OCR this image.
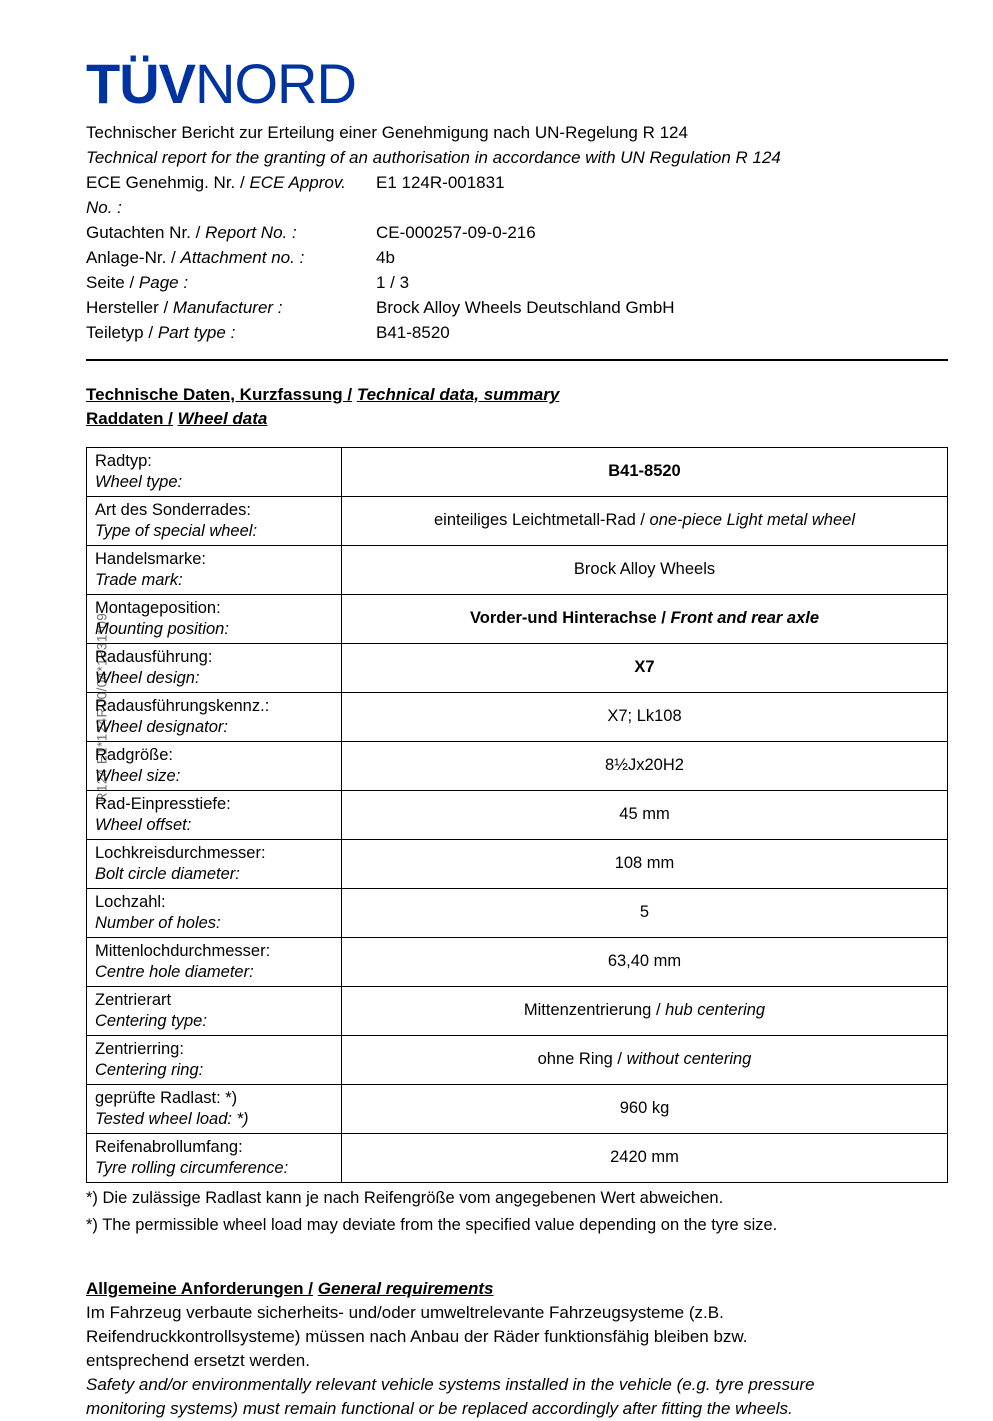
R124 E1*124R00/04*1831*09
TÜVNORD
Technischer Bericht zur Erteilung einer Genehmigung nach UN-Regelung R 124
Technical report for the granting of an authorisation in accordance with UN Regulation R 124
ECE Genehmig. Nr. / ECE Approv. No. :
E1 124R-001831
Gutachten Nr. / Report No. :	CE-000257-09-0-216
Anlage-Nr. / Attachment no. :	4b
Seite / Page :	1 / 3
Hersteller / Manufacturer :	Brock Alloy Wheels Deutschland GmbH
Teiletyp / Part type :	B41-8520
Technische Daten, Kurzfassung / Technical data, summary
Raddaten / Wheel data
Radtyp:
Wheel type:	B41-8520
Art des Sonderrades:
Type of special wheel:	einteiliges Leichtmetall-Rad / one-piece Light metal wheel
Handelsmarke:
Trade mark:	Brock Alloy Wheels
Montageposition:
Mounting position:	Vorder-und Hinterachse / Front and rear axle
Radausführung:
Wheel design:	X7
Radausführungskennz.:
Wheel designator:	X7; Lk108
Radgröße:
Wheel size:	8½Jx20H2
Rad-Einpresstiefe:
Wheel offset:	45 mm
Lochkreisdurchmesser:
Bolt circle diameter:	108 mm
Lochzahl:
Number of holes:	5
Mittenlochdurchmesser:
Centre hole diameter:	63,40 mm
Zentrierart
Centering type:	Mittenzentrierung / hub centering
Zentrierring:
Centering ring:	ohne Ring / without centering
geprüfte Radlast: *)
Tested wheel load: *)	960 kg
Reifenabrollumfang:
Tyre rolling circumference:	2420 mm
*) Die zulässige Radlast kann je nach Reifengröße vom angegebenen Wert abweichen.
*) The permissible wheel load may deviate from the specified value depending on the tyre size.
Allgemeine Anforderungen / General requirements
Im Fahrzeug verbaute sicherheits- und/oder umweltrelevante Fahrzeugsysteme (z.B.
Reifendruckkontrollsysteme) müssen nach Anbau der Räder funktionsfähig bleiben bzw.
entsprechend ersetzt werden.
Safety and/or environmentally relevant vehicle systems installed in the vehicle (e.g. tyre pressure
monitoring systems) must remain functional or be replaced accordingly after fitting the wheels.
